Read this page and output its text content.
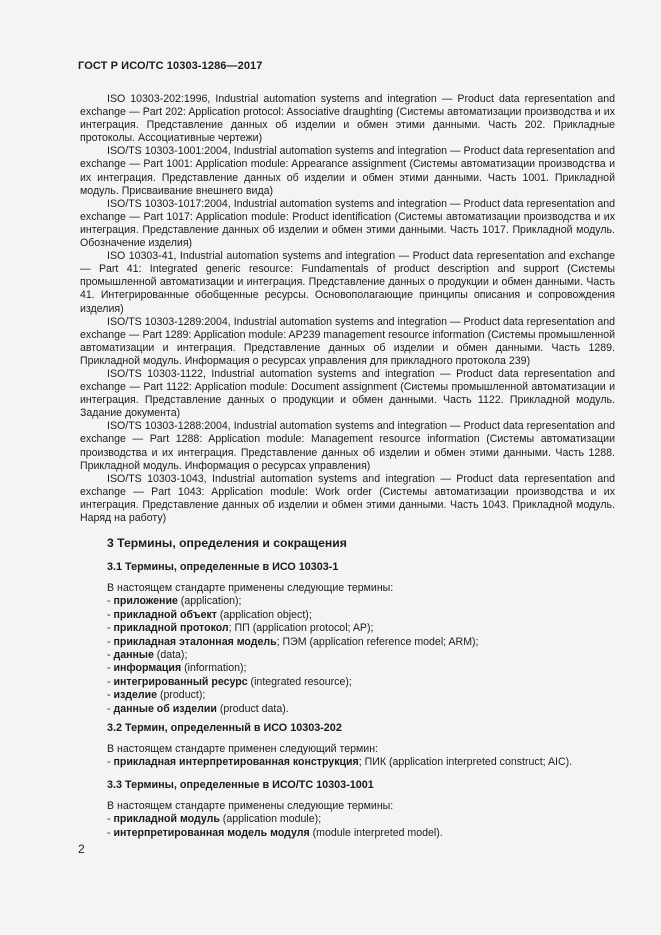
ГОСТ Р ИСО/ТС 10303-1286—2017

ISO 10303-202:1996, Industrial automation systems and integration — Product data representation and exchange — Part 202: Application protocol: Associative draughting (Системы автоматизации производства и их интеграция. Представление данных об изделии и обмен этими данными. Часть 202. Прикладные протоколы. Ассоциативные чертежи)

ISO/TS 10303-1001:2004, Industrial automation systems and integration — Product data representation and exchange — Part 1001: Application module: Appearance assignment (Системы автоматизации производства и их интеграция. Представление данных об изделии и обмен этими данными. Часть 1001. Прикладной модуль. Присваивание внешнего вида)

ISO/TS 10303-1017:2004, Industrial automation systems and integration — Product data representation and exchange — Part 1017: Application module: Product identification (Системы автоматизации производства и их интеграция. Представление данных об изделии и обмен этими данными. Часть 1017. Прикладной модуль. Обозначение изделия)

ISO 10303-41, Industrial automation systems and integration — Product data representation and exchange — Part 41: Integrated generic resource: Fundamentals of product description and support (Системы промышленной автоматизации и интеграция. Представление данных о продукции и обмен данными. Часть 41. Интегрированные обобщенные ресурсы. Основополагающие принципы описания и сопровождения изделия)

ISO/TS 10303-1289:2004, Industrial automation systems and integration — Product data representation and exchange — Part 1289: Application module: AP239 management resource information (Системы промышленной автоматизации и интеграция. Представление данных об изделии и обмен данными. Часть 1289. Прикладной модуль. Информация о ресурсах управления для прикладного протокола 239)

ISO/TS 10303-1122, Industrial automation systems and integration — Product data representation and exchange — Part 1122: Application module: Document assignment (Системы промышленной автоматизации и интеграция. Представление данных о продукции и обмен данными. Часть 1122. Прикладной модуль. Задание документа)

ISO/TS 10303-1288:2004, Industrial automation systems and integration — Product data representation and exchange — Part 1288: Application module: Management resource information (Системы автоматизации производства и их интеграция. Представление данных об изделии и обмен этими данными. Часть 1288. Прикладной модуль. Информация о ресурсах управления)

ISO/TS 10303-1043, Industrial automation systems and integration — Product data representation and exchange — Part 1043: Application module: Work order (Системы автоматизации производства и их интеграция. Представление данных об изделии и обмен этими данными. Часть 1043. Прикладной модуль. Наряд на работу)

3 Термины, определения и сокращения
3.1 Термины, определенные в ИСО 10303-1
В настоящем стандарте применены следующие термины:
- приложение (application);
- прикладной объект (application object);
- прикладной протокол; ПП (application protocol; AP);
- прикладная эталонная модель; ПЭМ (application reference model; ARM);
- данные (data);
- информация (information);
- интегрированный ресурс (integrated resource);
- изделие (product);
- данные об изделии (product data).
3.2 Термин, определенный в ИСО 10303-202
В настоящем стандарте применен следующий термин:
- прикладная интерпретированная конструкция; ПИК (application interpreted construct; AIC).
3.3 Термины, определенные в ИСО/ТС 10303-1001
В настоящем стандарте применены следующие термины:
- прикладной модуль (application module);
- интерпретированная модель модуля (module interpreted model).
2
